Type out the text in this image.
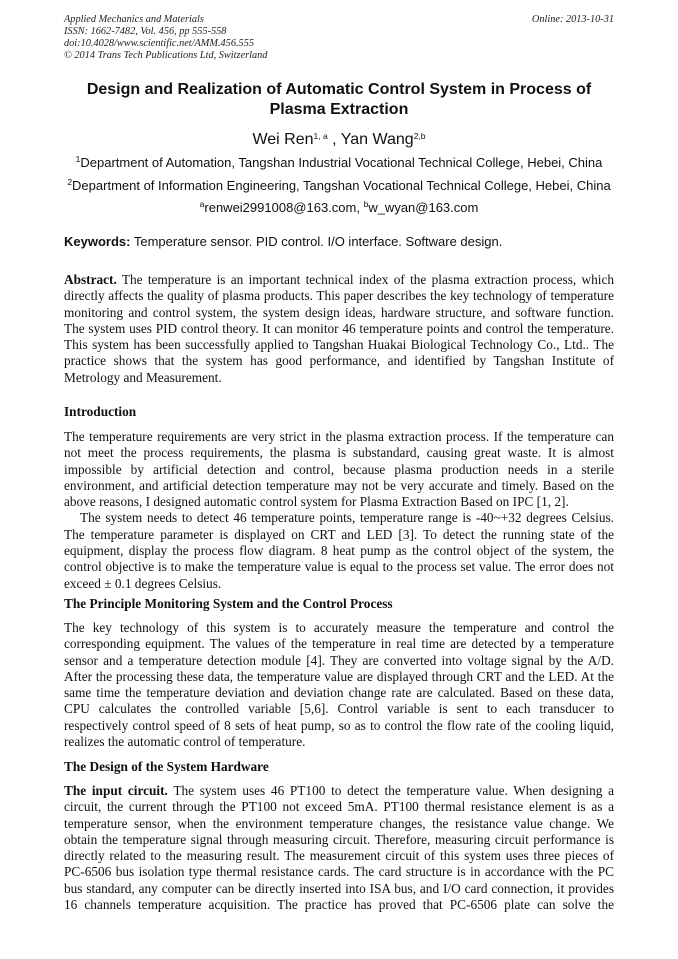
Applied Mechanics and Materials
ISSN: 1662-7482, Vol. 456, pp 555-558
doi:10.4028/www.scientific.net/AMM.456.555
© 2014 Trans Tech Publications Ltd, Switzerland
Online: 2013-10-31
Design and Realization of Automatic Control System in Process of
Plasma Extraction
Wei Ren$^{1, a}$ , Yan Wang$^{2,b}$
$^1$Department of Automation, Tangshan Industrial Vocational Technical College, Hebei, China
$^2$Department of Information Engineering, Tangshan Vocational Technical College, Hebei, China
$^a$renwei2991008@163.com, $^b$w_wyan@163.com
Keywords: Temperature sensor. PID control. I/O interface. Software design.
Abstract. The temperature is an important technical index of the plasma extraction process, which
directly affects the quality of plasma products. This paper describes the key technology of temperature
monitoring and control system, the system design ideas, hardware structure, and software function.
The system uses PID control theory. It can monitor 46 temperature points and control the temperature.
This system has been successfully applied to Tangshan Huakai Biological Technology Co., Ltd.. The
practice shows that the system has good performance, and identified by Tangshan Institute of
Metrology and Measurement.
Introduction
The temperature requirements are very strict in the plasma extraction process. If the temperature can
not meet the process requirements, the plasma is substandard, causing great waste. It is almost
impossible by artificial detection and control, because plasma production needs in a sterile
environment, and artificial detection temperature may not be very accurate and timely. Based on the
above reasons, I designed automatic control system for Plasma Extraction Based on IPC [1, 2].
The system needs to detect 46 temperature points, temperature range is -40~+32 degrees Celsius.
The temperature parameter is displayed on CRT and LED [3]. To detect the running state of the
equipment, display the process flow diagram. 8 heat pump as the control object of the system, the
control objective is to make the temperature value is equal to the process set value. The error does not
exceed ± 0.1 degrees Celsius.
The Principle Monitoring System and the Control Process
The key technology of this system is to accurately measure the temperature and control the
corresponding equipment. The values of the temperature in real time are detected by a temperature
sensor and a temperature detection module [4]. They are converted into voltage signal by the A/D.
After the processing these data, the temperature value are displayed through CRT and the LED. At the
same time the temperature deviation and deviation change rate are calculated. Based on these data,
CPU calculates the controlled variable [5,6]. Control variable is sent to each transducer to
respectively control speed of 8 sets of heat pump, so as to control the flow rate of the cooling liquid,
realizes the automatic control of temperature.
The Design of the System Hardware
The input circuit. The system uses 46 PT100 to detect the temperature value. When designing a
circuit, the current through the PT100 not exceed 5mA. PT100 thermal resistance element is as a
temperature sensor, when the environment temperature changes, the resistance value change. We
obtain the temperature signal through measuring circuit. Therefore, measuring circuit performance is
directly related to the measuring result. The measurement circuit of this system uses three pieces of
PC-6506 bus isolation type thermal resistance cards. The card structure is in accordance with the PC
bus standard, any computer can be directly inserted into ISA bus, and I/O card connection, it provides
16 channels temperature acquisition. The practice has proved that PC-6506 plate can solve the
